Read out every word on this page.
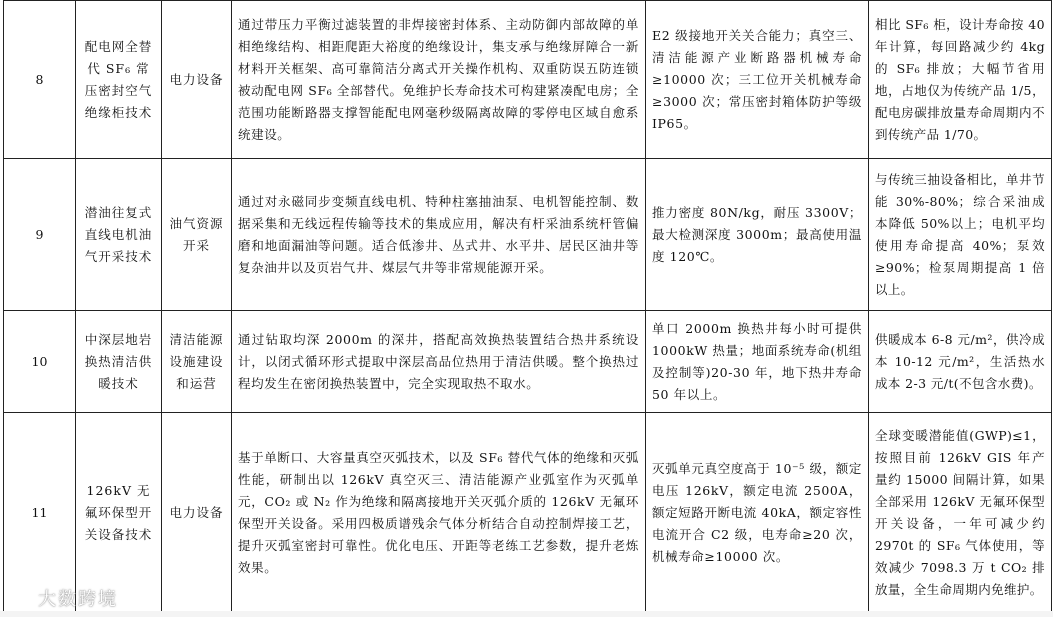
8	配电网全替代 SF₆ 常压密封空气绝缘柜技术	电力设备	通过带压力平衡过滤装置的非焊接密封体系、主动防御内部故障的单相绝缘结构、相距爬距大裕度的绝缘设计，集支承与绝缘屏障合一新材料开关框架、高可靠简洁分离式开关操作机构、双重防误五防连锁被动配电网 SF₆ 全部替代。免维护长寿命技术可构建紧凑配电房；全范围功能断路器支撑智能配电网毫秒级隔离故障的零停电区域自愈系统建设。	E2 级接地开关关合能力；真空三、清洁能源产业断路器机械寿命≥10000 次；三工位开关机械寿命≥3000 次；常压密封箱体防护等级 IP65。	相比 SF₆ 柜，设计寿命按 40 年计算，每回路减少约 4kg 的 SF₆ 排放；大幅节省用地，占地仅为传统产品 1/5，配电房碳排放量寿命周期内不到传统产品 1/70。
9	潜油往复式直线电机油气开采技术	油气资源开采	通过对永磁同步变频直线电机、特种柱塞抽油泵、电机智能控制、数据采集和无线远程传输等技术的集成应用，解决有杆采油系统杆管偏磨和地面漏油等问题。适合低渗井、丛式井、水平井、居民区油井等复杂油井以及页岩气井、煤层气井等非常规能源开采。	推力密度 80N/kg，耐压 3300V；最大检测深度 3000m；最高使用温度 120℃。	与传统三抽设备相比，单井节能 30%-80%；综合采油成本降低 50%以上；电机平均使用寿命提高 40%；泵效≥90%；检泵周期提高 1 倍以上。
10	中深层地岩换热清洁供暖技术	清洁能源设施建设和运营	通过钻取均深 2000m 的深井，搭配高效换热装置结合热井系统设计，以闭式循环形式提取中深层高品位热用于清洁供暖。整个换热过程均发生在密闭换热装置中，完全实现取热不取水。	单口 2000m 换热井每小时可提供 1000kW 热量；地面系统寿命(机组及控制等)20-30 年，地下热井寿命 50 年以上。	供暖成本 6-8 元/m²，供冷成本 10-12 元/m²，生活热水成本 2-3 元/t(不包含水费)。
11	126kV 无氟环保型开关设备技术	电力设备	基于单断口、大容量真空灭弧技术，以及 SF₆ 替代气体的绝缘和灭弧性能，研制出以 126kV 真空灭三、清洁能源产业弧室作为灭弧单元，CO₂ 或 N₂ 作为绝缘和隔离接地开关灭弧介质的 126kV 无氟环保型开关设备。采用四极质谱残余气体分析结合自动控制焊接工艺，提升灭弧室密封可靠性。优化电压、开距等老练工艺参数，提升老炼效果。	灭弧单元真空度高于 10⁻⁵ 级，额定电压 126kV，额定电流 2500A，额定短路开断电流 40kA，额定容性电流开合 C2 级，电寿命≥20 次，机械寿命≥10000 次。	全球变暖潜能值(GWP)≤1，按照目前 126kV GIS 年产量约 15000 间隔计算，如果全部采用 126kV 无氟环保型开关设备，一年可减少约 2970t 的 SF₆ 气体使用，等效减少 7098.3 万 t CO₂ 排放量，全生命周期内免维护。
大数跨境
